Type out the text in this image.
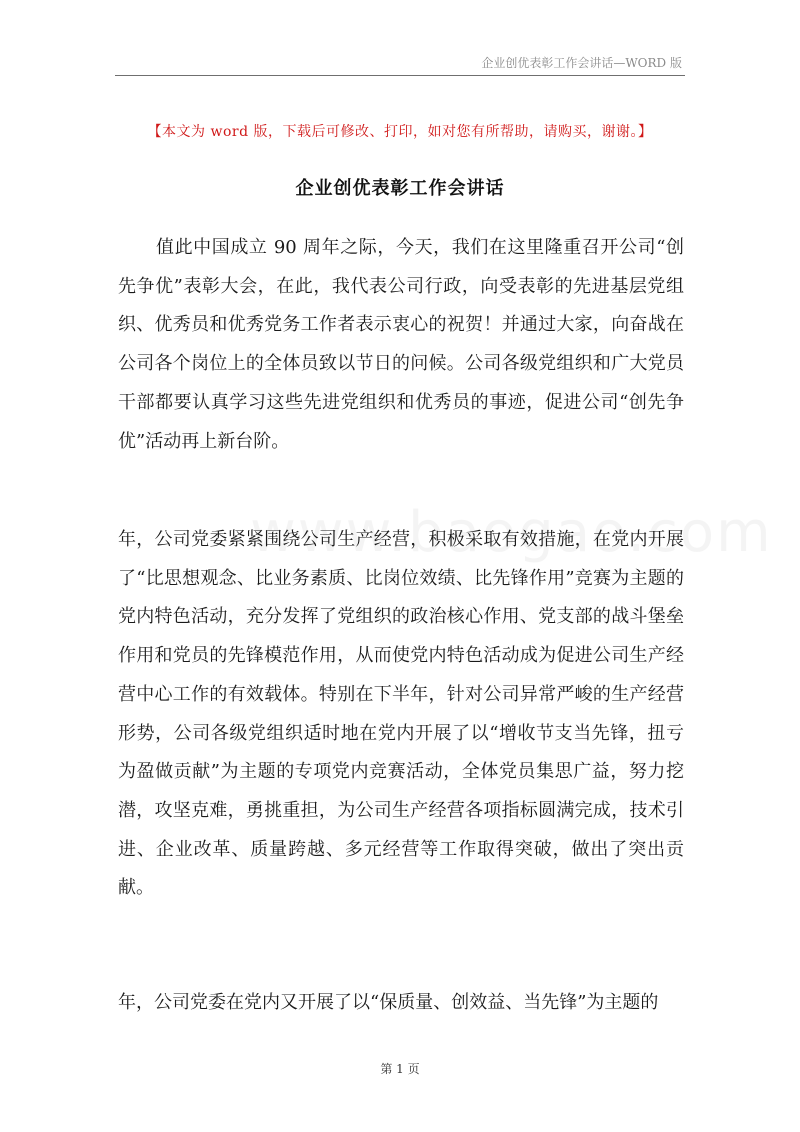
企业创优表彰工作会讲话—WORD 版
【本文为 word 版，下载后可修改、打印，如对您有所帮助，请购买，谢谢。】
企业创优表彰工作会讲话
值此中国成立 90 周年之际，今天，我们在这里隆重召开公司“创先争优”表彰大会，在此，我代表公司行政，向受表彰的先进基层党组织、优秀员和优秀党务工作者表示衷心的祝贺！并通过大家，向奋战在公司各个岗位上的全体员致以节日的问候。公司各级党组织和广大党员干部都要认真学习这些先进党组织和优秀员的事迹，促进公司“创先争优”活动再上新台阶。
年，公司党委紧紧围绕公司生产经营，积极采取有效措施，在党内开展了“比思想观念、比业务素质、比岗位效绩、比先锋作用”竞赛为主题的党内特色活动，充分发挥了党组织的政治核心作用、党支部的战斗堡垒作用和党员的先锋模范作用，从而使党内特色活动成为促进公司生产经营中心工作的有效载体。特别在下半年，针对公司异常严峻的生产经营形势，公司各级党组织适时地在党内开展了以“增收节支当先锋，扭亏为盈做贡献”为主题的专项党内竞赛活动，全体党员集思广益，努力挖潜，攻坚克难，勇挑重担，为公司生产经营各项指标圆满完成，技术引进、企业改革、质量跨越、多元经营等工作取得突破，做出了突出贡献。
年，公司党委在党内又开展了以“保质量、创效益、当先锋”为主题的
第 1 页
